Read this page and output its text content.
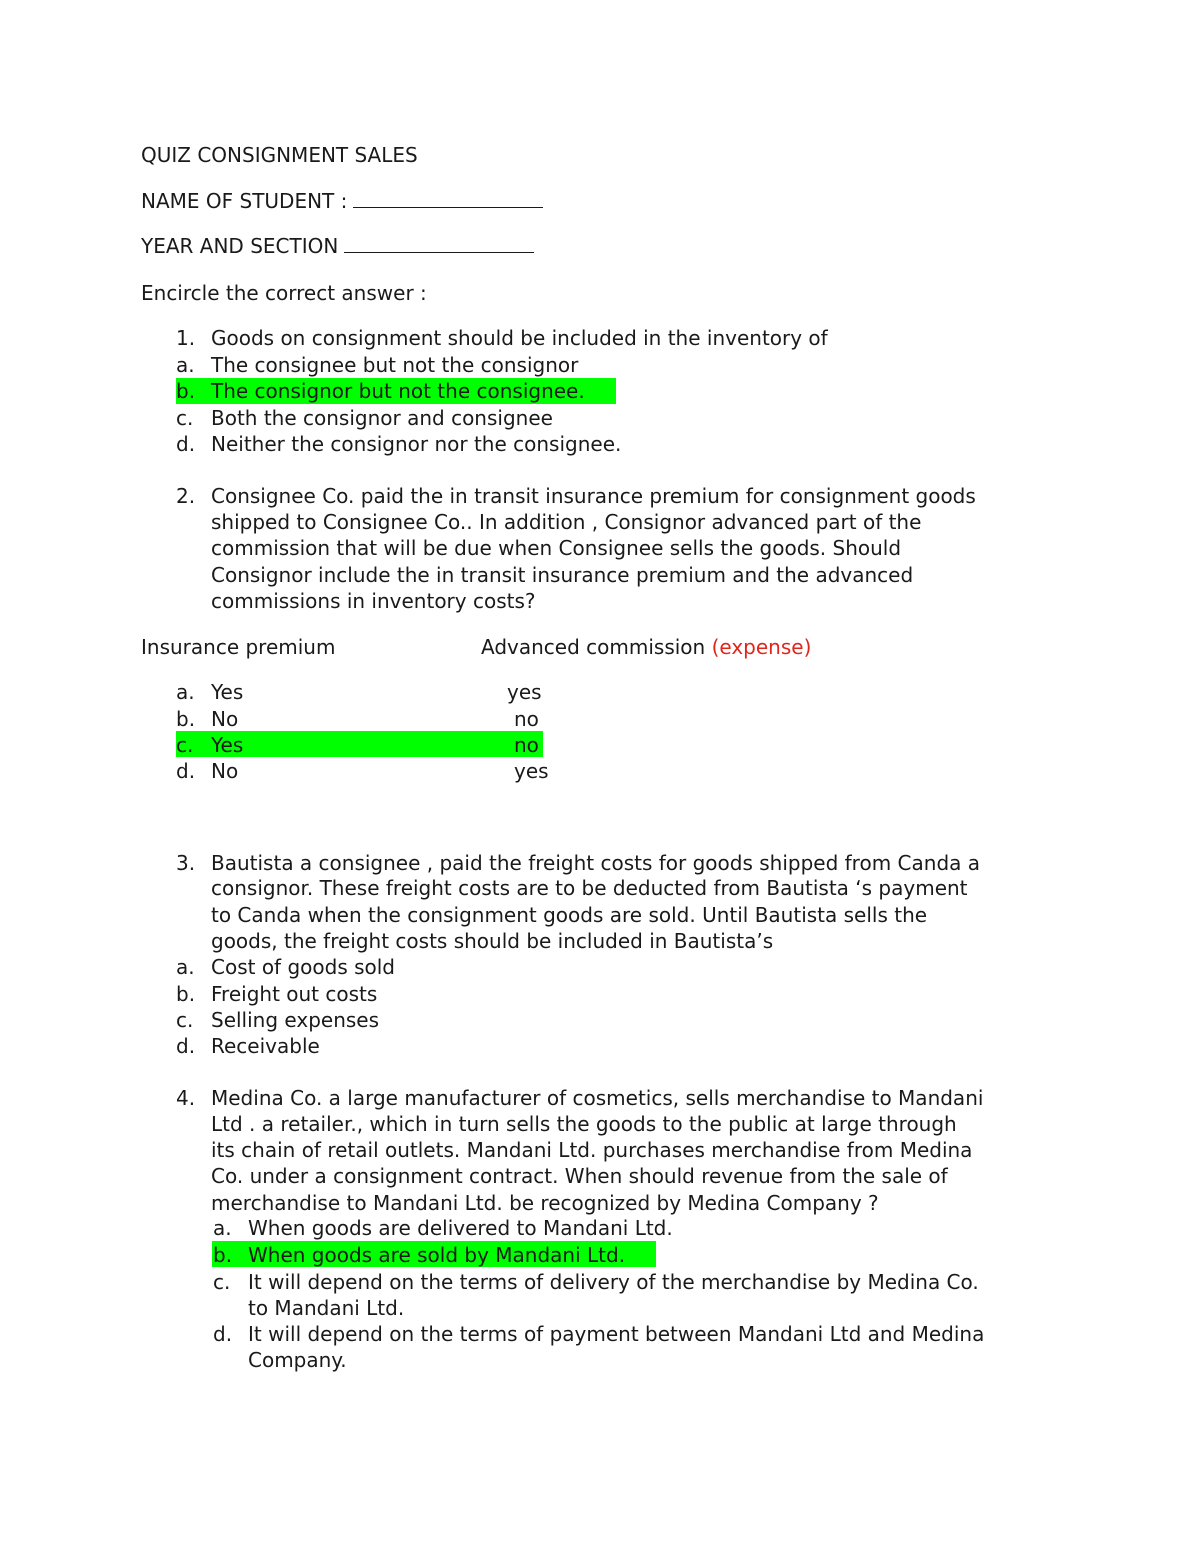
QUIZ CONSIGNMENT SALES
NAME OF STUDENT :
YEAR AND SECTION
Encircle the correct answer :
1. Goods on consignment should be included in the inventory of
a. The consignee but not the consignor
b. The consignor but not the consignee.
c. Both the consignor and consignee
d. Neither the consignor nor the consignee.
2. Consignee Co. paid the in transit insurance premium for consignment goods
shipped to Consignee Co.. In addition , Consignor advanced part of the
commission that will be due when Consignee sells the goods. Should
Consignor include the in transit insurance premium and the advanced
commissions in inventory costs?
Insurance premium	Advanced commission (expense)
a. Yes	yes
b. No	no
c. Yes	no
d. No	yes
3. Bautista a consignee , paid the freight costs for goods shipped from Canda a
consignor. These freight costs are to be deducted from Bautista ‘s payment
to Canda when the consignment goods are sold. Until Bautista sells the
goods, the freight costs should be included in Bautista’s
a. Cost of goods sold
b. Freight out costs
c. Selling expenses
d. Receivable
4. Medina Co. a large manufacturer of cosmetics, sells merchandise to Mandani
Ltd . a retailer., which in turn sells the goods to the public at large through
its chain of retail outlets. Mandani Ltd. purchases merchandise from Medina
Co. under a consignment contract. When should revenue from the sale of
merchandise to Mandani Ltd. be recognized by Medina Company ?
a. When goods are delivered to Mandani Ltd.
b. When goods are sold by Mandani Ltd.
c. It will depend on the terms of delivery of the merchandise by Medina Co.
to Mandani Ltd.
d. It will depend on the terms of payment between Mandani Ltd and Medina
Company.
